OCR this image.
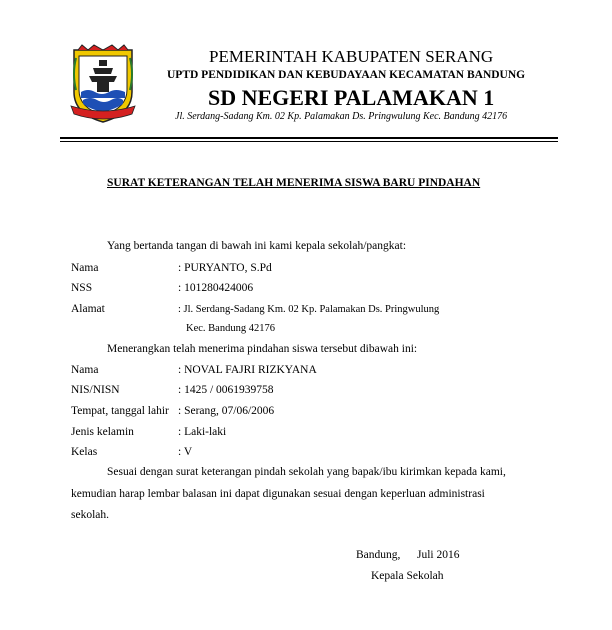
PEMERINTAH KABUPATEN SERANG
UPTD PENDIDIKAN DAN KEBUDAYAAN KECAMATAN BANDUNG
SD NEGERI PALAMAKAN 1
Jl. Serdang-Sadang Km. 02 Kp. Palamakan Ds. Pringwulung Kec. Bandung 42176
SURAT KETERANGAN TELAH MENERIMA SISWA BARU PINDAHAN
Yang bertanda tangan di bawah ini kami kepala sekolah/pangkat:
Nama	: PURYANTO, S.Pd
NSS	: 101280424006
Alamat	: Jl. Serdang-Sadang Km. 02 Kp. Palamakan Ds. Pringwulung
Kec. Bandung 42176
Menerangkan telah menerima pindahan siswa tersebut dibawah ini:
Nama	: NOVAL FAJRI RIZKYANA
NIS/NISN	: 1425 / 0061939758
Tempat, tanggal lahir : Serang, 07/06/2006
Jenis kelamin	: Laki-laki
Kelas	: V
Sesuai dengan surat keterangan pindah sekolah yang bapak/ibu kirimkan kepada kami,
kemudian harap lembar balasan ini dapat digunakan sesuai dengan keperluan administrasi
sekolah.
Bandung, Juli 2016
Kepala Sekolah
